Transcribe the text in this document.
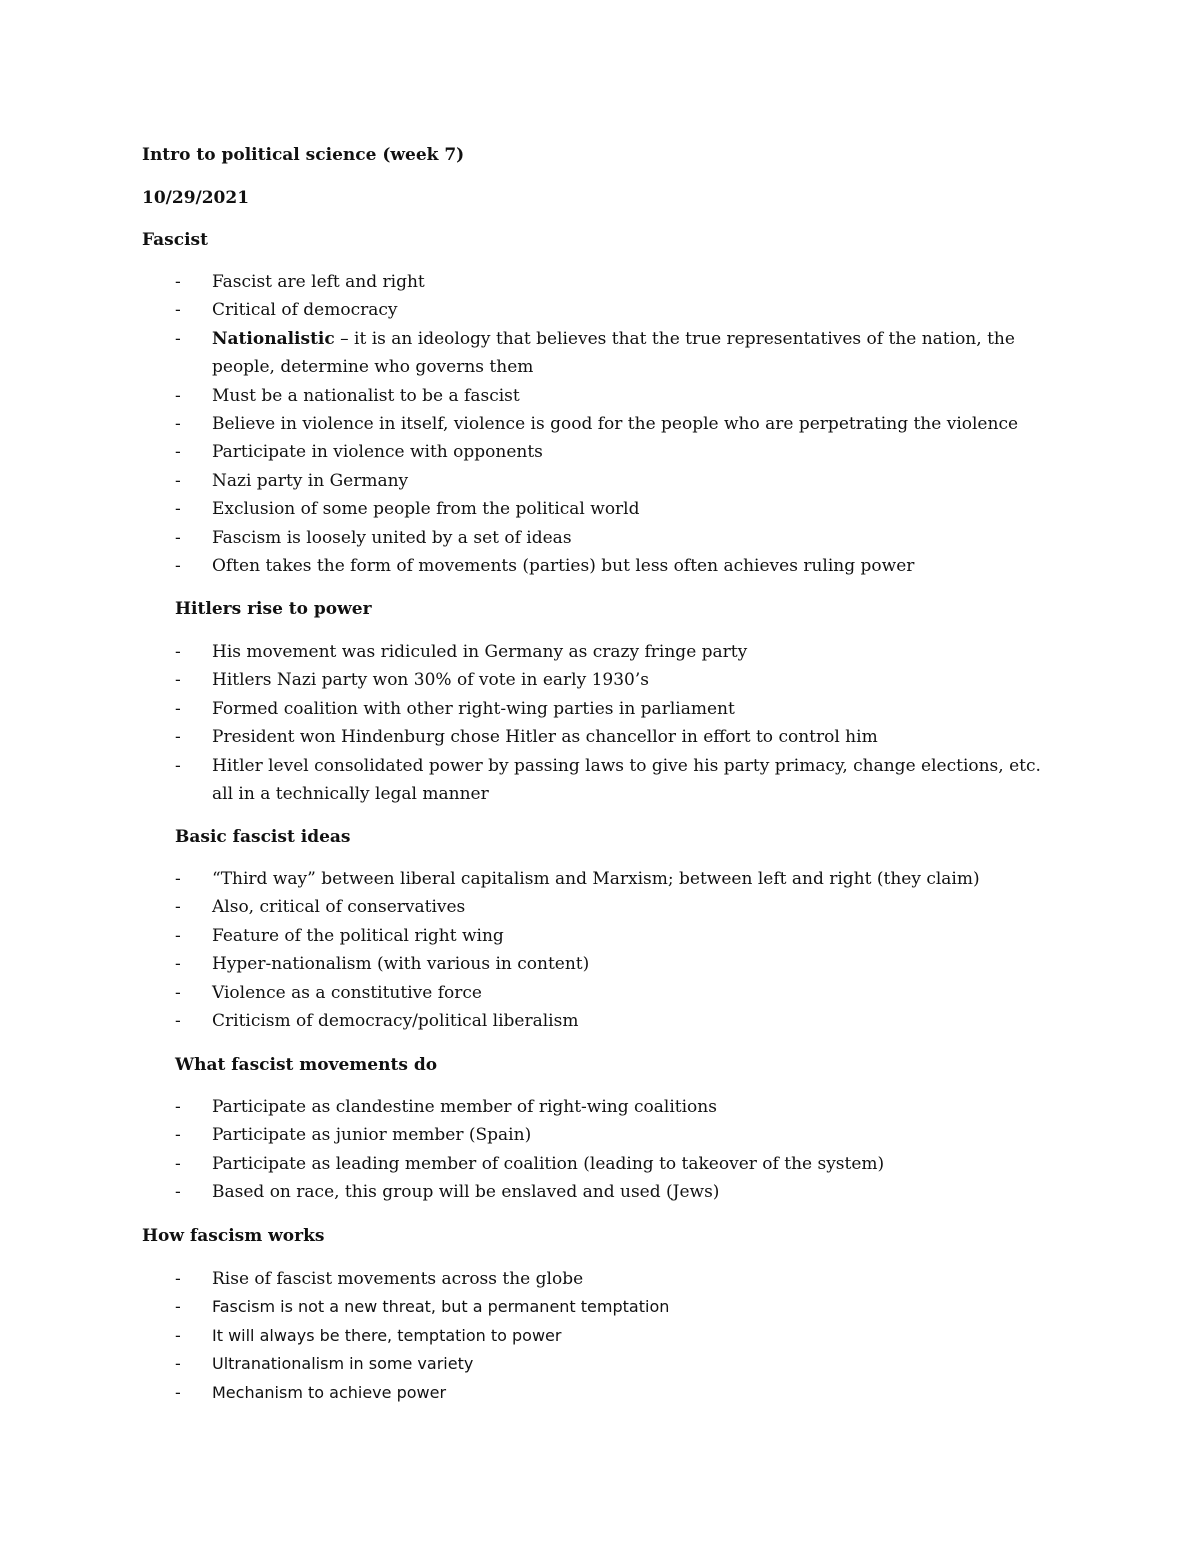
Intro to political science (week 7)
10/29/2021
Fascist
- Fascist are left and right
- Critical of democracy
- Nationalistic – it is an ideology that believes that the true representatives of the nation, the people, determine who governs them
- Must be a nationalist to be a fascist
- Believe in violence in itself, violence is good for the people who are perpetrating the violence
- Participate in violence with opponents
- Nazi party in Germany
- Exclusion of some people from the political world
- Fascism is loosely united by a set of ideas
- Often takes the form of movements (parties) but less often achieves ruling power
Hitlers rise to power
- His movement was ridiculed in Germany as crazy fringe party
- Hitlers Nazi party won 30% of vote in early 1930’s
- Formed coalition with other right-wing parties in parliament
- President won Hindenburg chose Hitler as chancellor in effort to control him
- Hitler level consolidated power by passing laws to give his party primacy, change elections, etc. all in a technically legal manner
Basic fascist ideas
- “Third way” between liberal capitalism and Marxism; between left and right (they claim)
- Also, critical of conservatives
- Feature of the political right wing
- Hyper-nationalism (with various in content)
- Violence as a constitutive force
- Criticism of democracy/political liberalism
What fascist movements do
- Participate as clandestine member of right-wing coalitions
- Participate as junior member (Spain)
- Participate as leading member of coalition (leading to takeover of the system)
- Based on race, this group will be enslaved and used (Jews)
How fascism works
- Rise of fascist movements across the globe
- Fascism is not a new threat, but a permanent temptation
- It will always be there, temptation to power
- Ultranationalism in some variety
- Mechanism to achieve power
